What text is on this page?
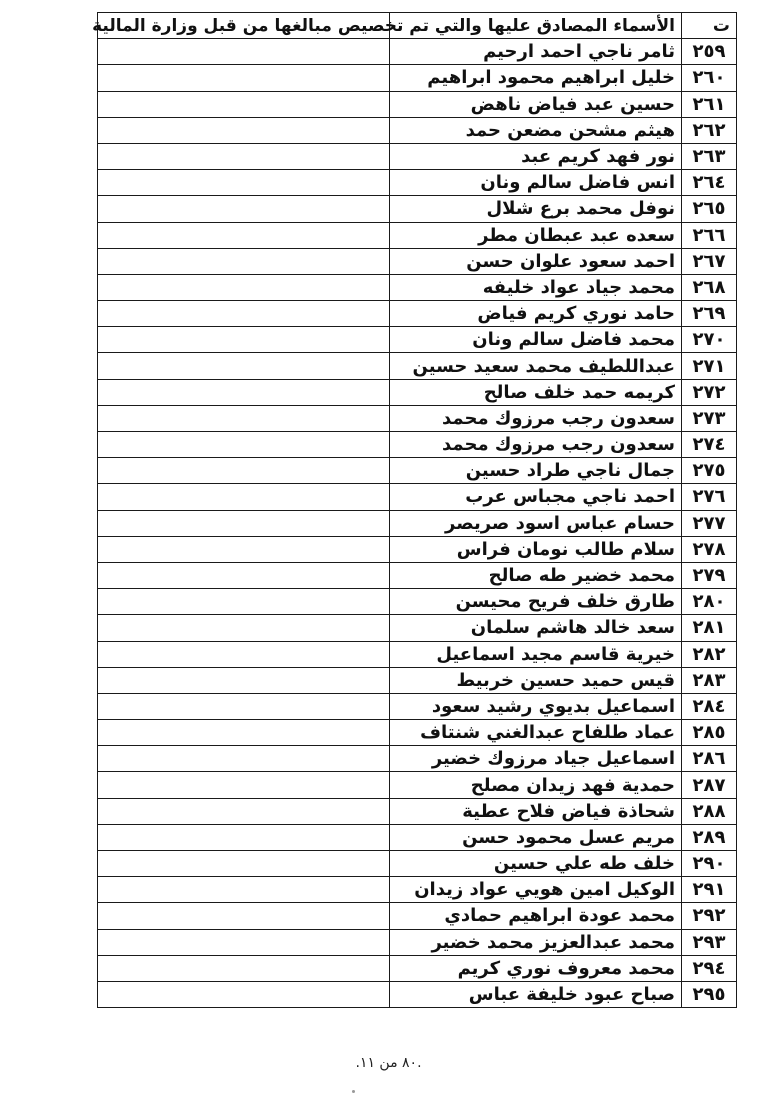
ت	الأسماء المصادق عليها والتي تم تخصيص مبالغها من قبل وزارة المالية	
٢٥٩	ثامر ناجي احمد ارحيم	
٢٦٠	خليل ابراهيم محمود ابراهيم	
٢٦١	حسين عبد فياض ناهض	
٢٦٢	هيثم مشحن مضعن حمد	
٢٦٣	نور فهد كريم عبد	
٢٦٤	انس فاضل سالم ونان	
٢٦٥	نوفل محمد برع شلال	
٢٦٦	سعده عبد عبطان مطر	
٢٦٧	احمد سعود علوان حسن	
٢٦٨	محمد جياد عواد خليفه	
٢٦٩	حامد نوري كريم فياض	
٢٧٠	محمد فاضل سالم ونان	
٢٧١	عبداللطيف محمد سعيد حسين	
٢٧٢	كريمه حمد خلف صالح	
٢٧٣	سعدون رجب مرزوك محمد	
٢٧٤	سعدون رجب مرزوك محمد	
٢٧٥	جمال ناجي طراد حسين	
٢٧٦	احمد ناجي مجباس عرب	
٢٧٧	حسام عباس اسود صريصر	
٢٧٨	سلام طالب نومان فراس	
٢٧٩	محمد خضير طه صالح	
٢٨٠	طارق خلف فريح محيسن	
٢٨١	سعد خالد هاشم سلمان	
٢٨٢	خيرية قاسم مجيد اسماعيل	
٢٨٣	قيس حميد حسين خربيط	
٢٨٤	اسماعيل بديوي رشيد سعود	
٢٨٥	عماد طلفاح عبدالغني شنتاف	
٢٨٦	اسماعيل جياد مرزوك خضير	
٢٨٧	حمدية فهد زيدان مصلح	
٢٨٨	شحاذة فياض فلاح عطية	
٢٨٩	مريم عسل محمود حسن	
٢٩٠	خلف طه علي حسين	
٢٩١	الوكيل امين هويي عواد زيدان	
٢٩٢	محمد عودة ابراهيم حمادي	
٢٩٣	محمد عبدالعزيز محمد خضير	
٢٩٤	محمد معروف نوري كريم	
٢٩٥	صباح عبود خليفة عباس	
.٨٠ من ١١.
